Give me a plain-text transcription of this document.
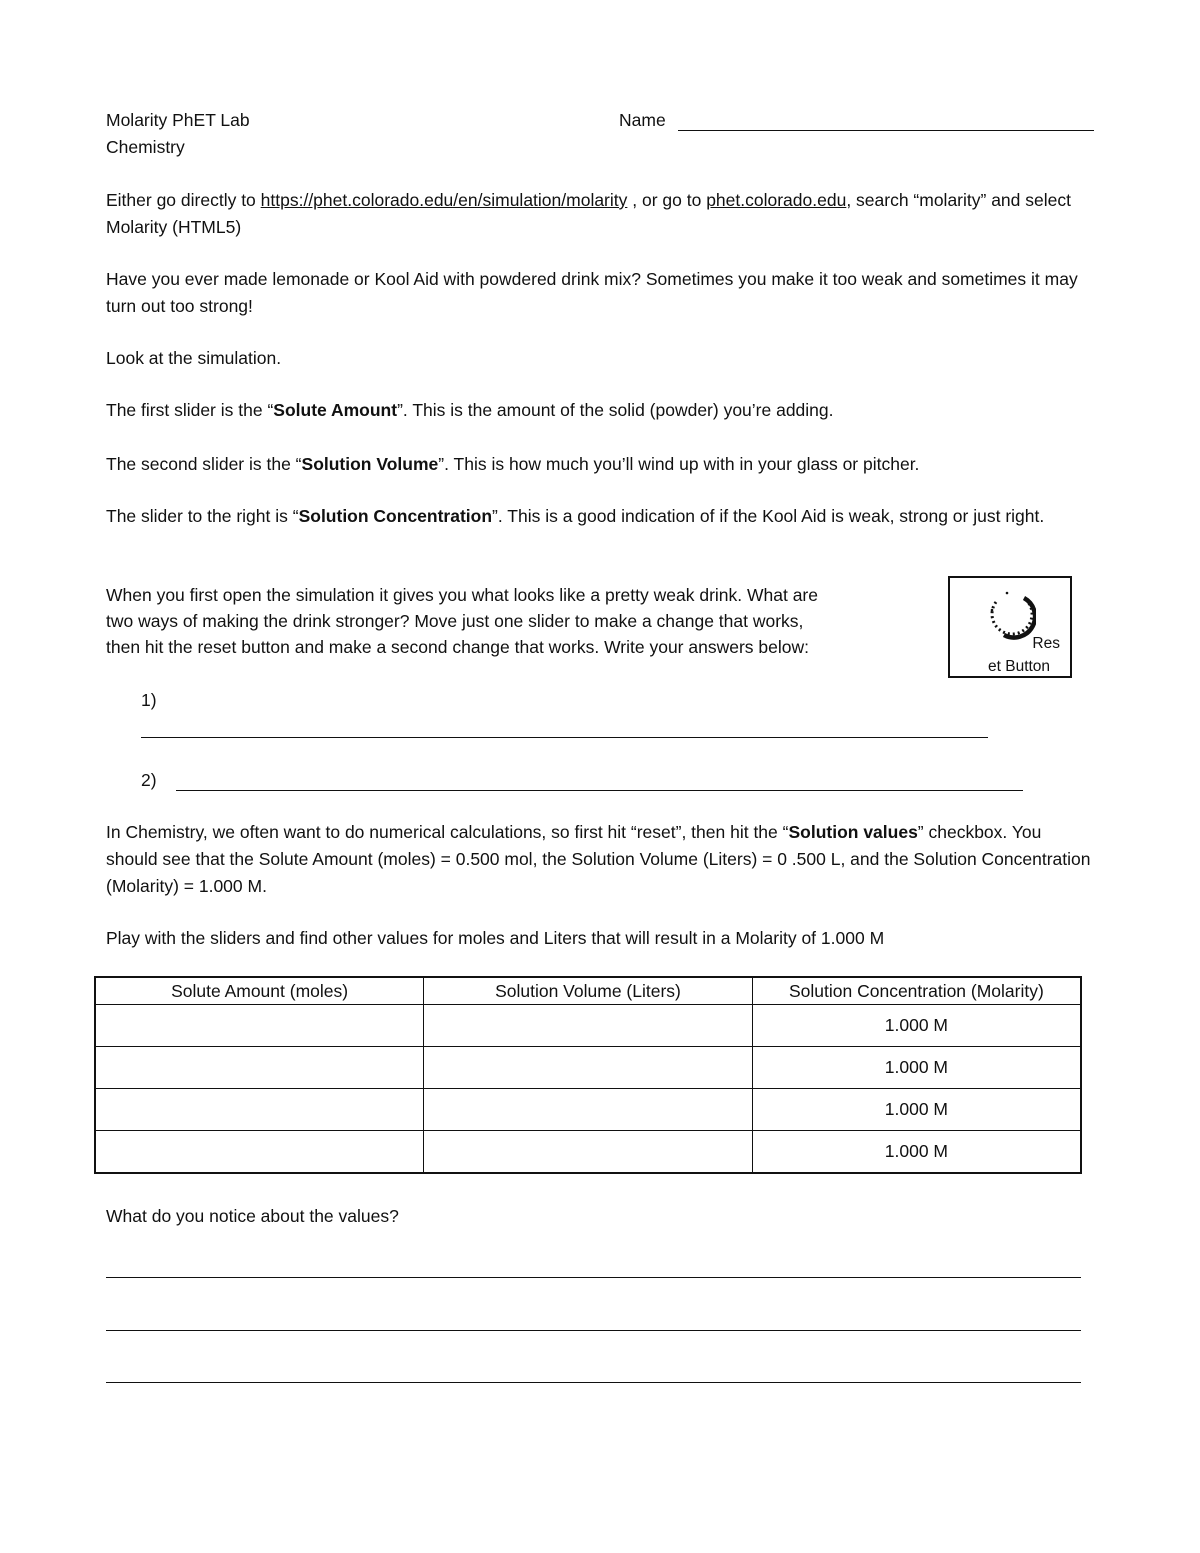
Molarity PhET Lab
Chemistry
Name

Either go directly to https://phet.colorado.edu/en/simulation/molarity , or go to phet.colorado.edu, search “molarity” and select Molarity (HTML5)

Have you ever made lemonade or Kool Aid with powdered drink mix? Sometimes you make it too weak and sometimes it may turn out too strong!

Look at the simulation.

The first slider is the “Solute Amount”. This is the amount of the solid (powder) you’re adding.

The second slider is the “Solution Volume”. This is how much you’ll wind up with in your glass or pitcher.

The slider to the right is “Solution Concentration”. This is a good indication of if the Kool Aid is weak, strong or just right.

When you first open the simulation it gives you what looks like a pretty weak drink. What are
two ways of making the drink stronger? Move just one slider to make a change that works,
then hit the reset button and make a second change that works. Write your answers below:	Res
et Button
1)
2)

In Chemistry, we often want to do numerical calculations, so first hit “reset”, then hit the “Solution values” checkbox. You should see that the Solute Amount (moles) = 0.500 mol, the Solution Volume (Liters) = 0 .500 L, and the Solution Concentration (Molarity) = 1.000 M.

Play with the sliders and find other values for moles and Liters that will result in a Molarity of 1.000 M

Solute Amount (moles)	Solution Volume (Liters)	Solution Concentration (Molarity)
		1.000 M
		1.000 M
		1.000 M
		1.000 M

What do you notice about the values?
